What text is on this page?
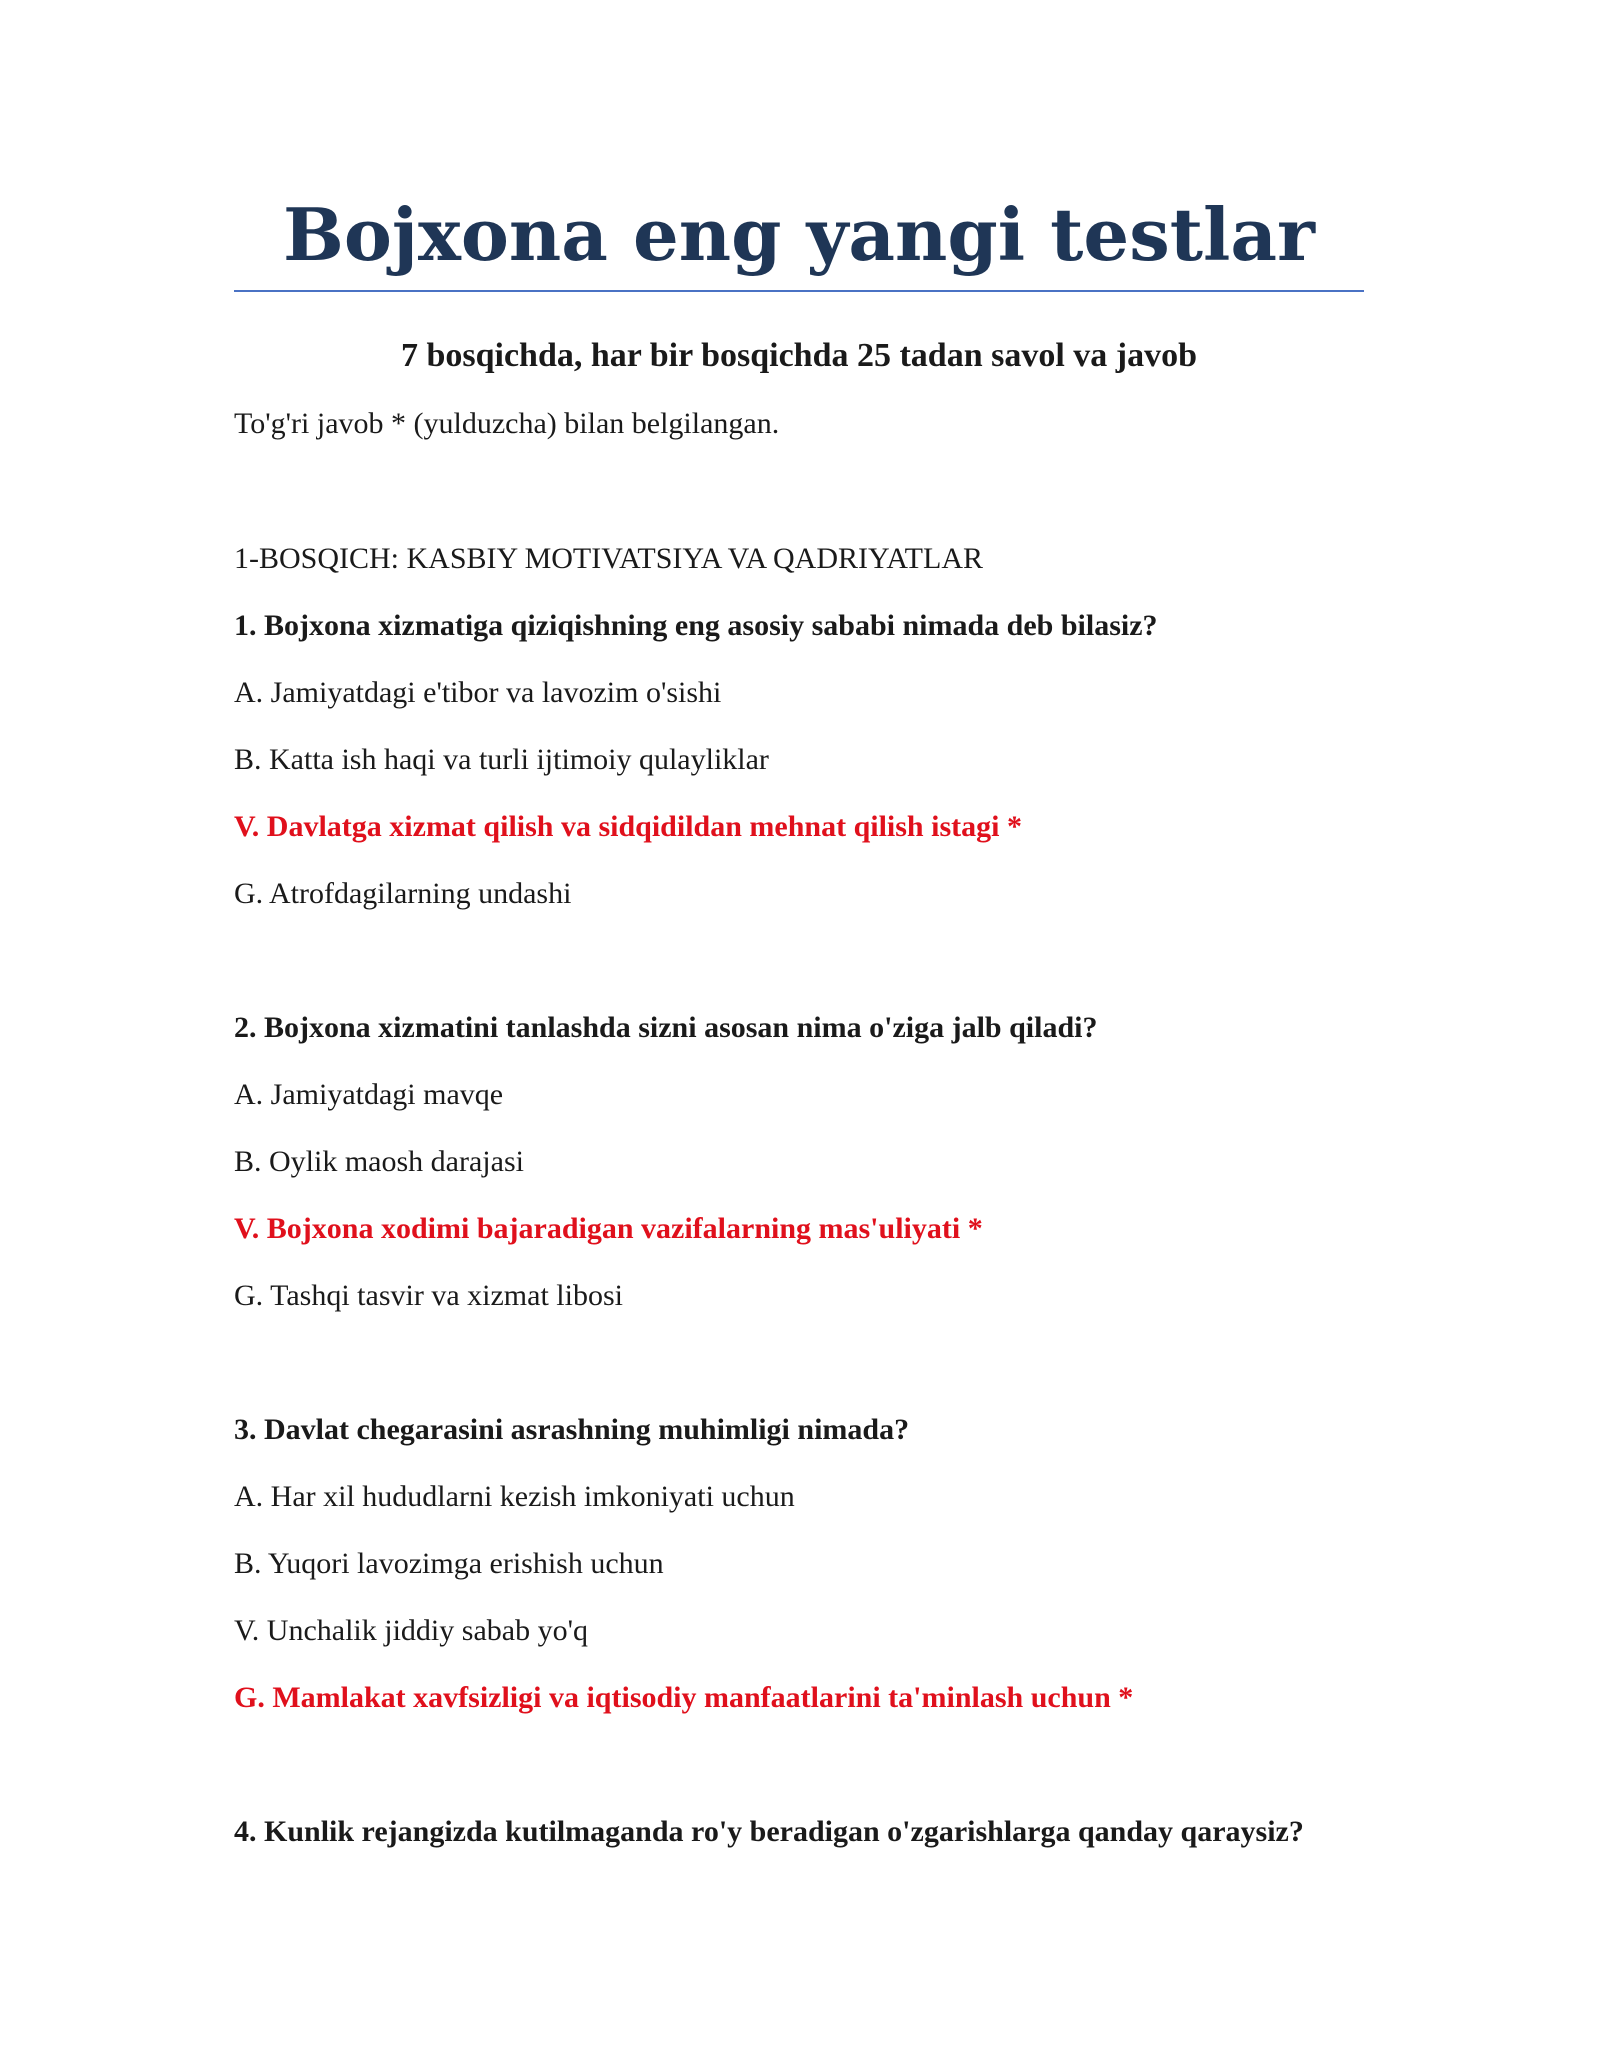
Bojxona eng yangi testlar
7 bosqichda, har bir bosqichda 25 tadan savol va javob

To'g'ri javob * (yulduzcha) bilan belgilangan.

1-BOSQICH: KASBIY MOTIVATSIYA VA QADRIYATLAR

1. Bojxona xizmatiga qiziqishning eng asosiy sababi nimada deb bilasiz?

A. Jamiyatdagi e'tibor va lavozim o'sishi

B. Katta ish haqi va turli ijtimoiy qulayliklar

V. Davlatga xizmat qilish va sidqidildan mehnat qilish istagi *

G. Atrofdagilarning undashi

2. Bojxona xizmatini tanlashda sizni asosan nima o'ziga jalb qiladi?

A. Jamiyatdagi mavqe

B. Oylik maosh darajasi

V. Bojxona xodimi bajaradigan vazifalarning mas'uliyati *

G. Tashqi tasvir va xizmat libosi

3. Davlat chegarasini asrashning muhimligi nimada?

A. Har xil hududlarni kezish imkoniyati uchun

B. Yuqori lavozimga erishish uchun

V. Unchalik jiddiy sabab yo'q

G. Mamlakat xavfsizligi va iqtisodiy manfaatlarini ta'minlash uchun *

4. Kunlik rejangizda kutilmaganda ro'y beradigan o'zgarishlarga qanday qaraysiz?
